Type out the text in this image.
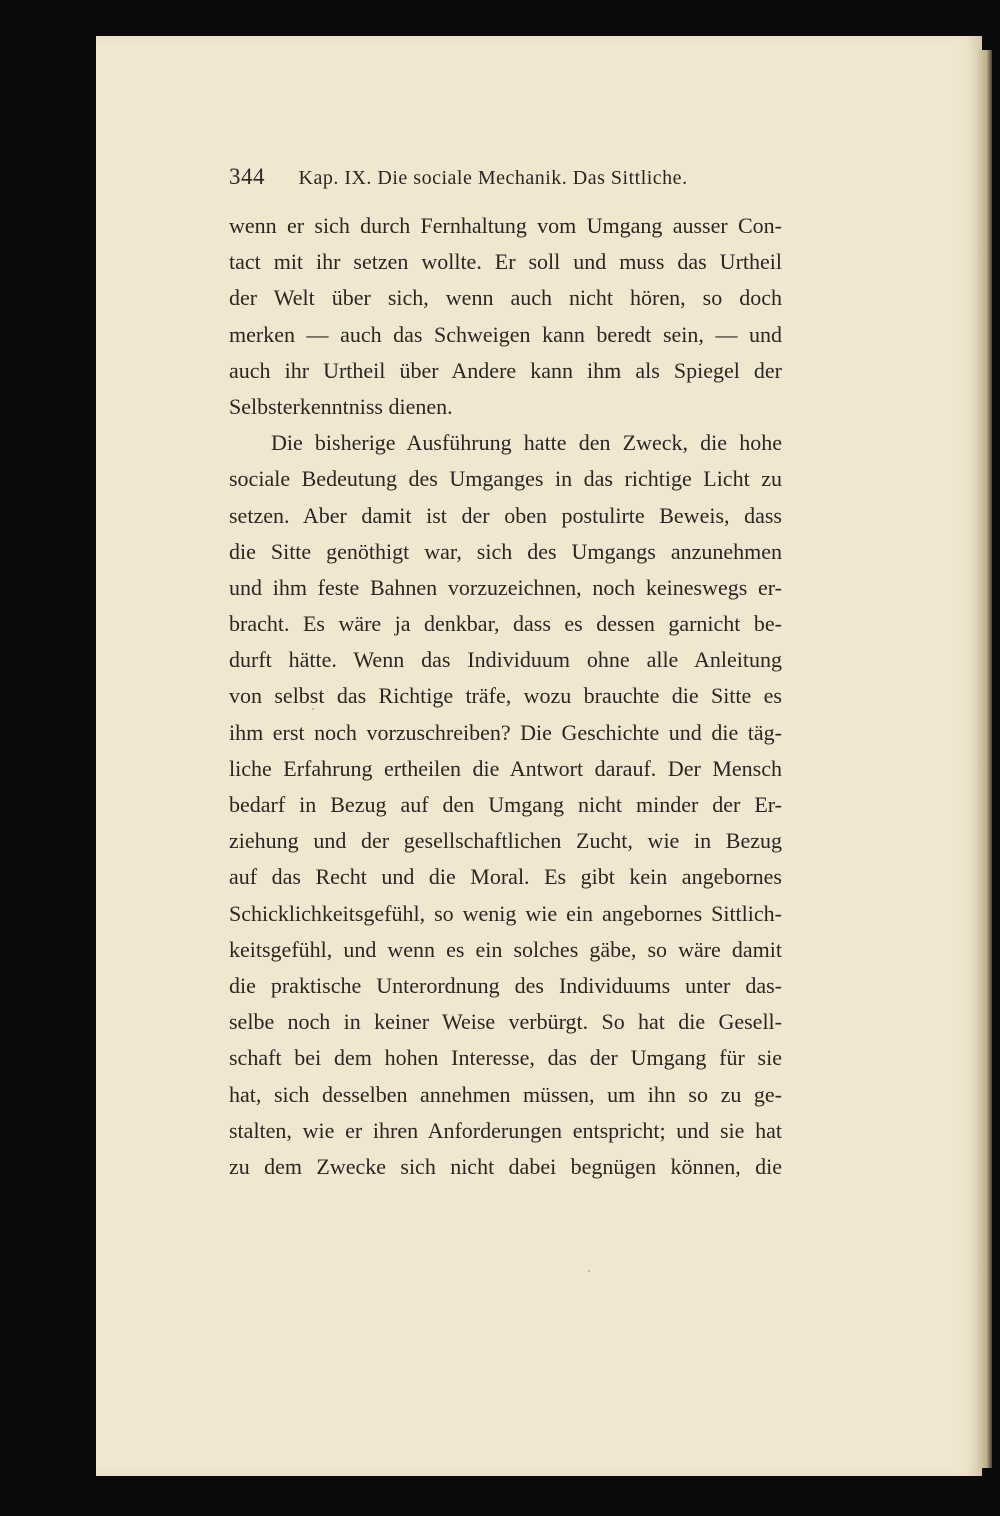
344 Kap. IX. Die sociale Mechanik. Das Sittliche.
wenn er sich durch Fernhaltung vom Umgang ausser Con-
tact mit ihr setzen wollte. Er soll und muss das Urtheil
der Welt über sich, wenn auch nicht hören, so doch
merken — auch das Schweigen kann beredt sein, — und
auch ihr Urtheil über Andere kann ihm als Spiegel der
Selbsterkenntniss dienen.
Die bisherige Ausführung hatte den Zweck, die hohe
sociale Bedeutung des Umganges in das richtige Licht zu
setzen. Aber damit ist der oben postulirte Beweis, dass
die Sitte genöthigt war, sich des Umgangs anzunehmen
und ihm feste Bahnen vorzuzeichnen, noch keineswegs er-
bracht. Es wäre ja denkbar, dass es dessen garnicht be-
durft hätte. Wenn das Individuum ohne alle Anleitung
von selbst das Richtige träfe, wozu brauchte die Sitte es
ihm erst noch vorzuschreiben? Die Geschichte und die täg-
liche Erfahrung ertheilen die Antwort darauf. Der Mensch
bedarf in Bezug auf den Umgang nicht minder der Er-
ziehung und der gesellschaftlichen Zucht, wie in Bezug
auf das Recht und die Moral. Es gibt kein angebornes
Schicklichkeitsgefühl, so wenig wie ein angebornes Sittlich-
keitsgefühl, und wenn es ein solches gäbe, so wäre damit
die praktische Unterordnung des Individuums unter das-
selbe noch in keiner Weise verbürgt. So hat die Gesell-
schaft bei dem hohen Interesse, das der Umgang für sie
hat, sich desselben annehmen müssen, um ihn so zu ge-
stalten, wie er ihren Anforderungen entspricht; und sie hat
zu dem Zwecke sich nicht dabei begnügen können, die
